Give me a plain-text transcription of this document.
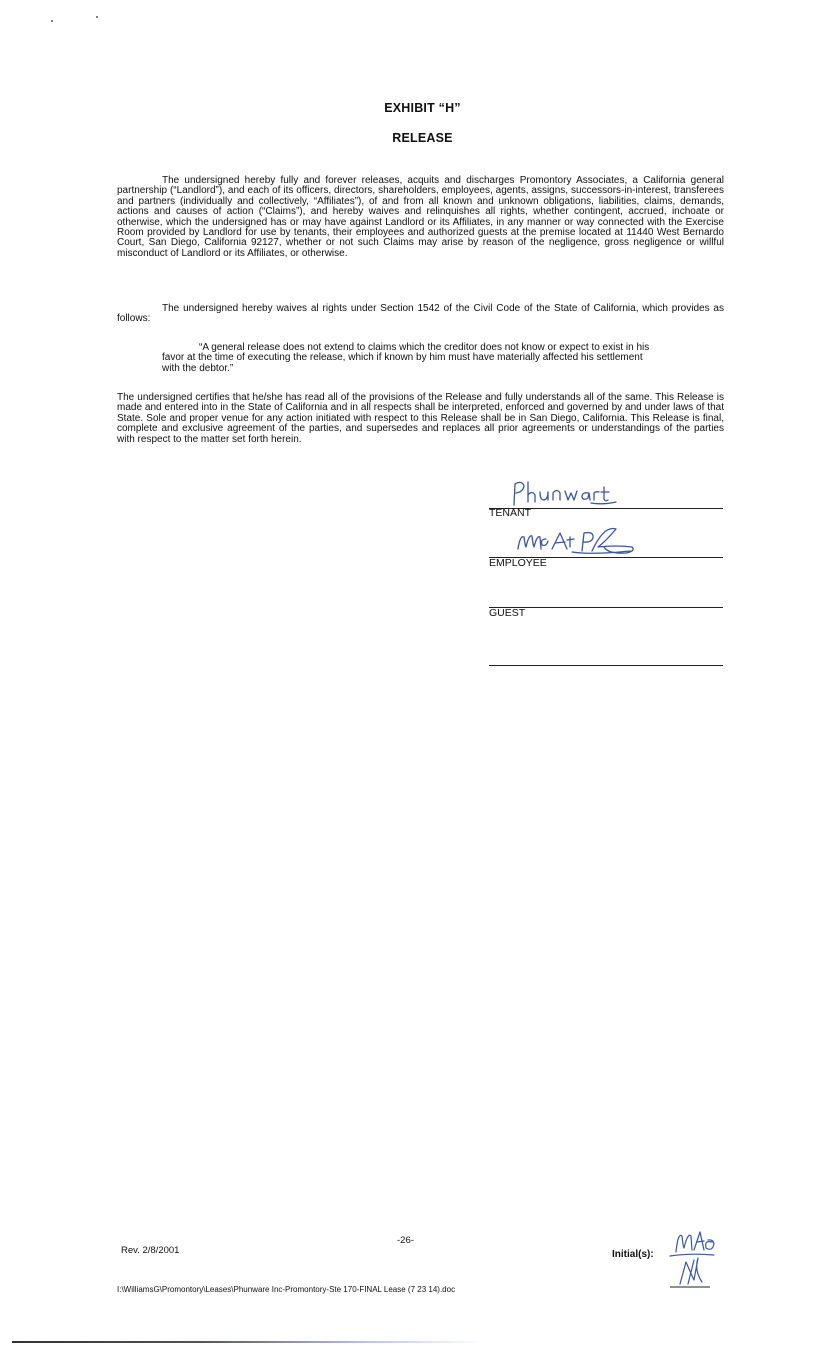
EXHIBIT “H”
RELEASE

The undersigned hereby fully and forever releases, acquits and discharges Promontory Associates, a California general partnership (“Landlord”), and each of its officers, directors, shareholders, employees, agents, assigns, successors-in-interest, transferees and partners (individually and collectively, “Affiliates”), of and from all known and unknown obligations, liabilities, claims, demands, actions and causes of action (“Claims”), and hereby waives and relinquishes all rights, whether contingent, accrued, inchoate or otherwise, which the undersigned has or may have against Landlord or its Affiliates, in any manner or way connected with the Exercise Room provided by Landlord for use by tenants, their employees and authorized guests at the premise located at 11440 West Bernardo Court, San Diego, California 92127, whether or not such Claims may arise by reason of the negligence, gross negligence or willful misconduct of Landlord or its Affiliates, or otherwise.

The undersigned hereby waives al rights under Section 1542 of the Civil Code of the State of California, which provides as follows:

“A general release does not extend to claims which the creditor does not know or expect to exist in his favor at the time of executing the release, which if known by him must have materially affected his settlement with the debtor.”

The undersigned certifies that he/she has read all of the provisions of the Release and fully understands all of the same. This Release is made and entered into in the State of California and in all respects shall be interpreted, enforced and governed by and under laws of that State. Sole and proper venue for any action initiated with respect to this Release shall be in San Diego, California. This Release is final, complete and exclusive agreement of the parties, and supersedes and replaces all prior agreements or understandings of the parties with respect to the matter set forth herein.

TENANT
EMPLOYEE
GUEST
-26-
Rev. 2/8/2001	Initial(s):
I:\WilliamsG\Promontory\Leases\Phunware Inc-Promontory-Ste 170-FINAL Lease (7 23 14).doc
